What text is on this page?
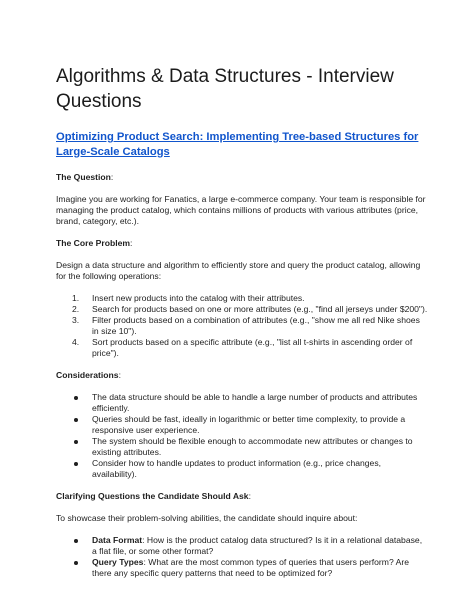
Algorithms & Data Structures - Interview Questions
Optimizing Product Search: Implementing Tree-based Structures for Large-Scale Catalogs

The Question:

Imagine you are working for Fanatics, a large e-commerce company. Your team is responsible for managing the product catalog, which contains millions of products with various attributes (price, brand, category, etc.).

The Core Problem:

Design a data structure and algorithm to efficiently store and query the product catalog, allowing for the following operations:

1. Insert new products into the catalog with their attributes.
2. Search for products based on one or more attributes (e.g., "find all jerseys under $200").
3. Filter products based on a combination of attributes (e.g., "show me all red Nike shoes in size 10").
4. Sort products based on a specific attribute (e.g., "list all t-shirts in ascending order of price").

Considerations:

The data structure should be able to handle a large number of products and attributes efficiently.
Queries should be fast, ideally in logarithmic or better time complexity, to provide a responsive user experience.
The system should be flexible enough to accommodate new attributes or changes to existing attributes.
Consider how to handle updates to product information (e.g., price changes, availability).

Clarifying Questions the Candidate Should Ask:

To showcase their problem-solving abilities, the candidate should inquire about:

Data Format: How is the product catalog data structured? Is it in a relational database, a flat file, or some other format?
Query Types: What are the most common types of queries that users perform? Are there any specific query patterns that need to be optimized for?
